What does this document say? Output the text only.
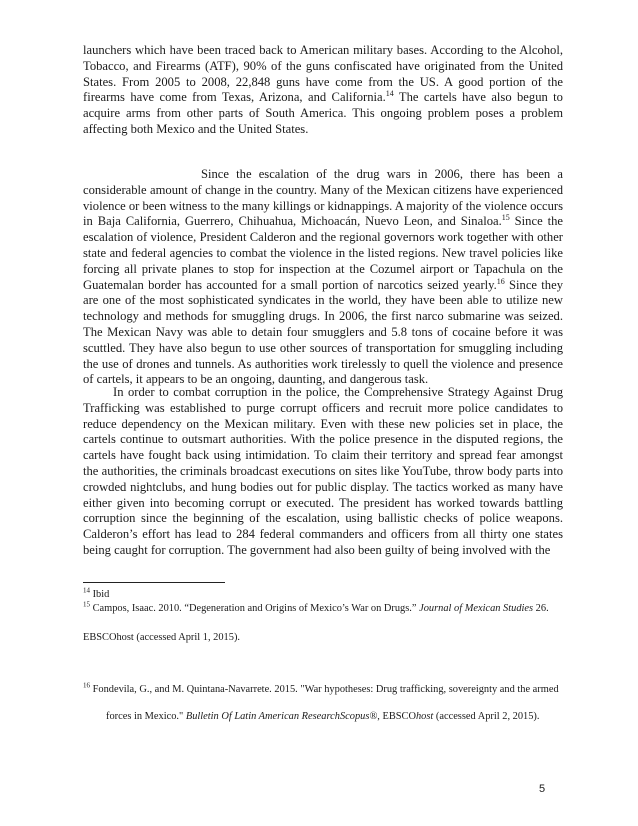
launchers which have been traced back to American military bases. According to the Alcohol, Tobacco, and Firearms (ATF), 90% of the guns confiscated have originated from the United States. From 2005 to 2008, 22,848 guns have come from the US. A good portion of the firearms have come from Texas, Arizona, and California.$^{14}$ The cartels have also begun to acquire arms from other parts of South America. This ongoing problem poses a problem affecting both Mexico and the United States.

Since the escalation of the drug wars in 2006, there has been a considerable amount of change in the country. Many of the Mexican citizens have experienced violence or been witness to the many killings or kidnappings. A majority of the violence occurs in Baja California, Guerrero, Chihuahua, Michoacán, Nuevo Leon, and Sinaloa.$^{15}$ Since the escalation of violence, President Calderon and the regional governors work together with other state and federal agencies to combat the violence in the listed regions. New travel policies like forcing all private planes to stop for inspection at the Cozumel airport or Tapachula on the Guatemalan border has accounted for a small portion of narcotics seized yearly.$^{16}$ Since they are one of the most sophisticated syndicates in the world, they have been able to utilize new technology and methods for smuggling drugs. In 2006, the first narco submarine was seized. The Mexican Navy was able to detain four smugglers and 5.8 tons of cocaine before it was scuttled. They have also begun to use other sources of transportation for smuggling including the use of drones and tunnels. As authorities work tirelessly to quell the violence and presence of cartels, it appears to be an ongoing, daunting, and dangerous task.

In order to combat corruption in the police, the Comprehensive Strategy Against Drug Trafficking was established to purge corrupt officers and recruit more police candidates to reduce dependency on the Mexican military. Even with these new policies set in place, the cartels continue to outsmart authorities. With the police presence in the disputed regions, the cartels have fought back using intimidation. To claim their territory and spread fear amongst the authorities, the criminals broadcast executions on sites like YouTube, throw body parts into crowded nightclubs, and hung bodies out for public display. The tactics worked as many have either given into becoming corrupt or executed. The president has worked towards battling corruption since the beginning of the escalation, using ballistic checks of police weapons. Calderon’s effort has lead to 284 federal commanders and officers from all thirty one states being caught for corruption. The government had also been guilty of being involved with the

$^{14}$ Ibid
$^{15}$ Campos, Isaac. 2010. “Degeneration and Origins of Mexico’s War on Drugs.” Journal of Mexican Studies 26.
EBSCOhost (accessed April 1, 2015).
$^{16}$ Fondevila, G., and M. Quintana-Navarrete. 2015. "War hypotheses: Drug trafficking, sovereignty and the armed
forces in Mexico." Bulletin Of Latin American ResearchScopus®, EBSCOhost (accessed April 2, 2015).
5
